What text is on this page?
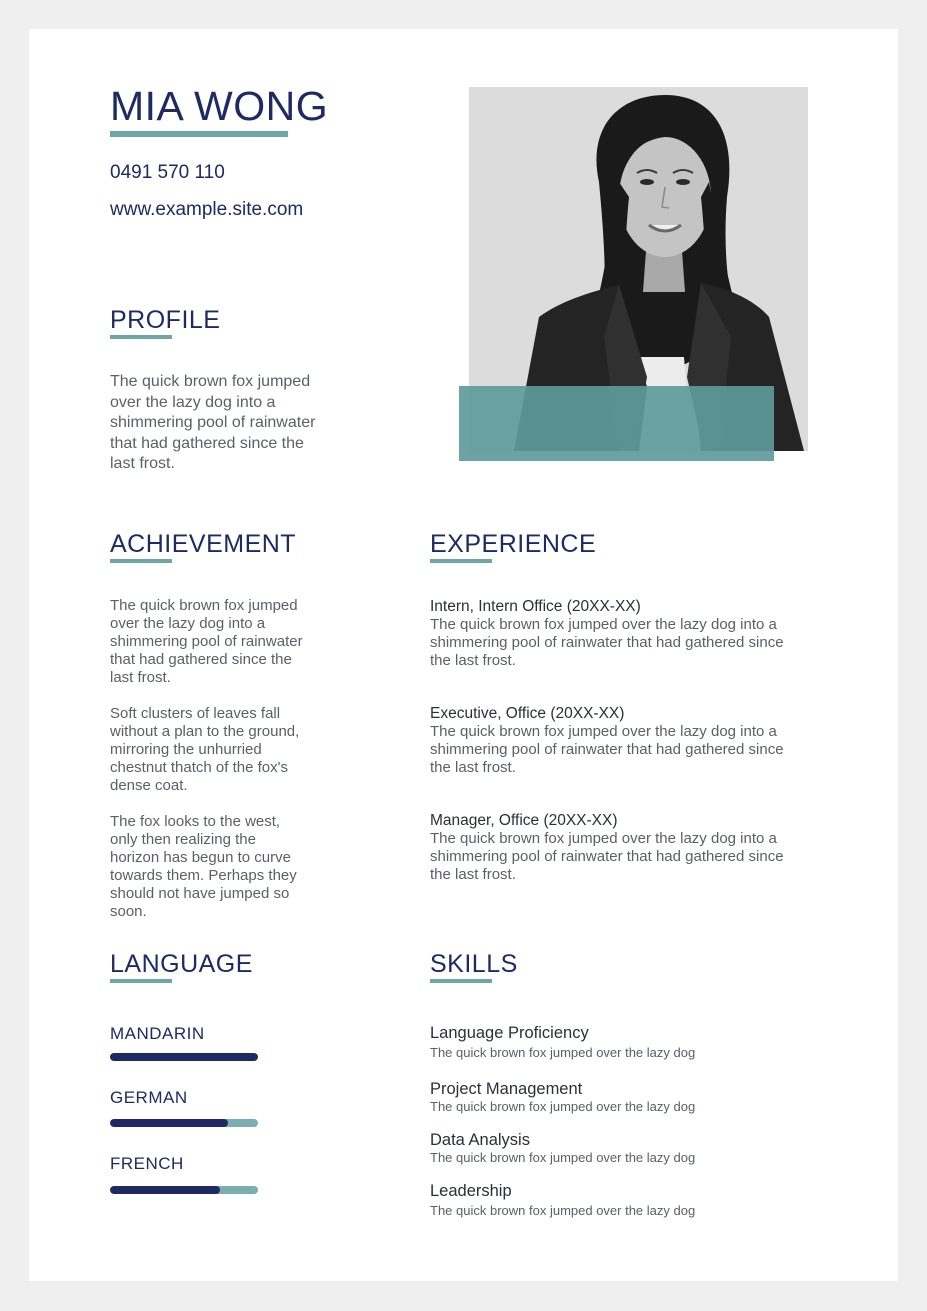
MIA WONG
0491 570 110
www.example.site.com
PROFILE
The quick brown fox jumped
over the lazy dog into a
shimmering pool of rainwater
that had gathered since the
last frost.
ACHIEVEMENT
The quick brown fox jumped
over the lazy dog into a
shimmering pool of rainwater
that had gathered since the
last frost.
Soft clusters of leaves fall
without a plan to the ground,
mirroring the unhurried
chestnut thatch of the fox's
dense coat.
The fox looks to the west,
only then realizing the
horizon has begun to curve
towards them. Perhaps they
should not have jumped so
soon.
EXPERIENCE
Intern, Intern Office (20XX-XX)
The quick brown fox jumped over the lazy dog into a
shimmering pool of rainwater that had gathered since
the last frost.
Executive, Office (20XX-XX)
The quick brown fox jumped over the lazy dog into a
shimmering pool of rainwater that had gathered since
the last frost.
Manager, Office (20XX-XX)
The quick brown fox jumped over the lazy dog into a
shimmering pool of rainwater that had gathered since
the last frost.
LANGUAGE
MANDARIN
GERMAN
FRENCH
SKILLS
Language Proficiency
The quick brown fox jumped over the lazy dog
Project Management
The quick brown fox jumped over the lazy dog
Data Analysis
The quick brown fox jumped over the lazy dog
Leadership
The quick brown fox jumped over the lazy dog
